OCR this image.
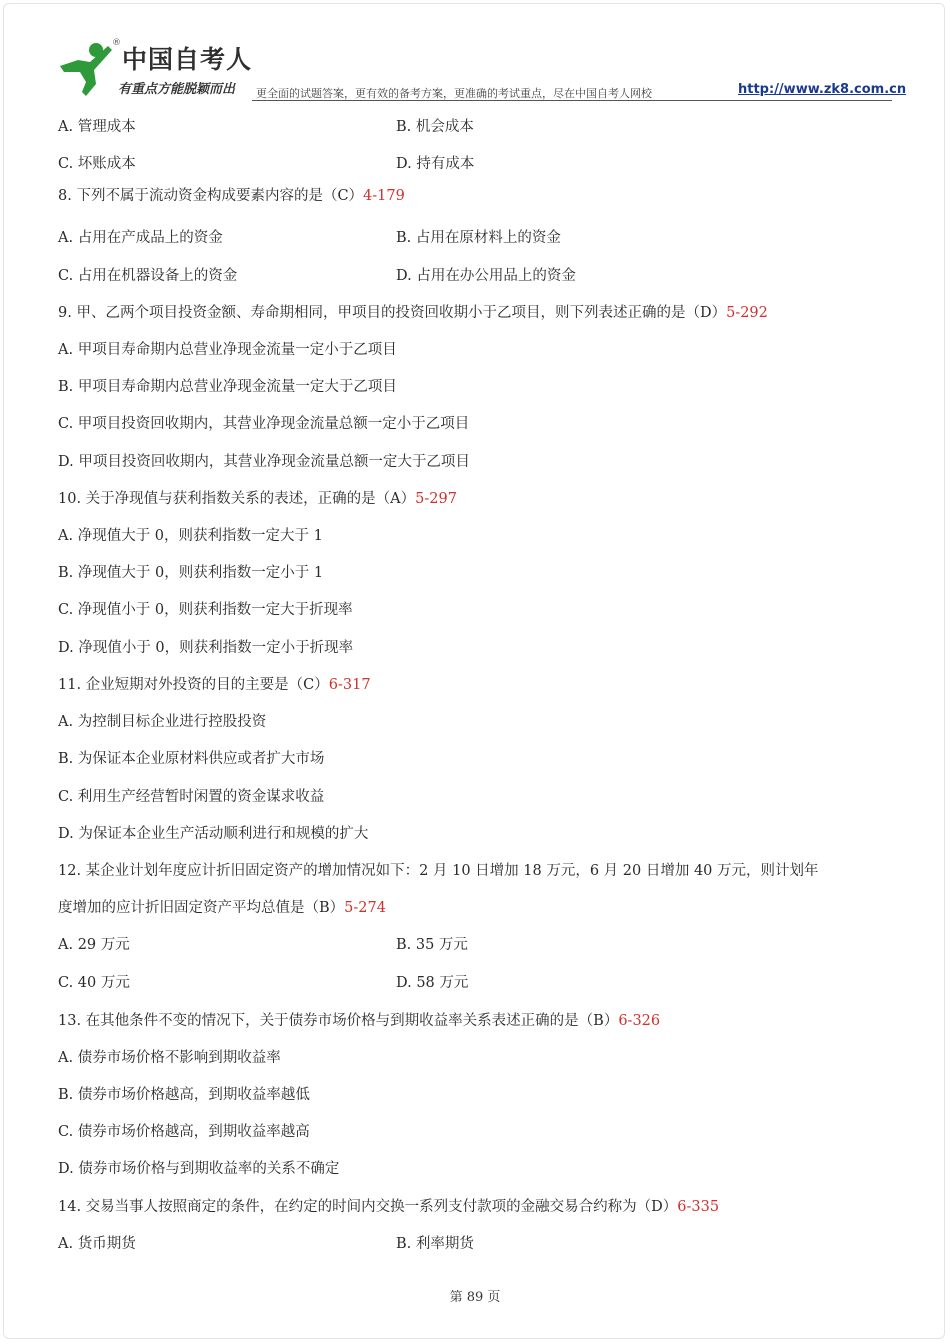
®
中国自考人
有重点方能脱颖而出 更全面的试题答案，更有效的备考方案，更准确的考试重点，尽在中国自考人网校	http://www.zk8.com.cn
A. 管理成本	B. 机会成本
C. 坏账成本	D. 持有成本
8. 下列不属于流动资金构成要素内容的是（C）4-179
A. 占用在产成品上的资金	B. 占用在原材料上的资金
C. 占用在机器设备上的资金	D. 占用在办公用品上的资金
9. 甲、乙两个项目投资金额、寿命期相同，甲项目的投资回收期小于乙项目，则下列表述正确的是（D）5-292
A. 甲项目寿命期内总营业净现金流量一定小于乙项目
B. 甲项目寿命期内总营业净现金流量一定大于乙项目
C. 甲项目投资回收期内，其营业净现金流量总额一定小于乙项目
D. 甲项目投资回收期内，其营业净现金流量总额一定大于乙项目
10. 关于净现值与获利指数关系的表述，正确的是（A）5-297
A. 净现值大于 0，则获利指数一定大于 1
B. 净现值大于 0，则获利指数一定小于 1
C. 净现值小于 0，则获利指数一定大于折现率
D. 净现值小于 0，则获利指数一定小于折现率
11. 企业短期对外投资的目的主要是（C）6-317
A. 为控制目标企业进行控股投资
B. 为保证本企业原材料供应或者扩大市场
C. 利用生产经营暂时闲置的资金谋求收益
D. 为保证本企业生产活动顺利进行和规模的扩大
12. 某企业计划年度应计折旧固定资产的增加情况如下：2 月 10 日增加 18 万元，6 月 20 日增加 40 万元，则计划年
度增加的应计折旧固定资产平均总值是（B）5-274
A. 29 万元	B. 35 万元
C. 40 万元	D. 58 万元
13. 在其他条件不变的情况下，关于债券市场价格与到期收益率关系表述正确的是（B）6-326
A. 债券市场价格不影响到期收益率
B. 债券市场价格越高，到期收益率越低
C. 债券市场价格越高，到期收益率越高
D. 债券市场价格与到期收益率的关系不确定
14. 交易当事人按照商定的条件，在约定的时间内交换一系列支付款项的金融交易合约称为（D）6-335
A. 货币期货	B. 利率期货
第 89 页
